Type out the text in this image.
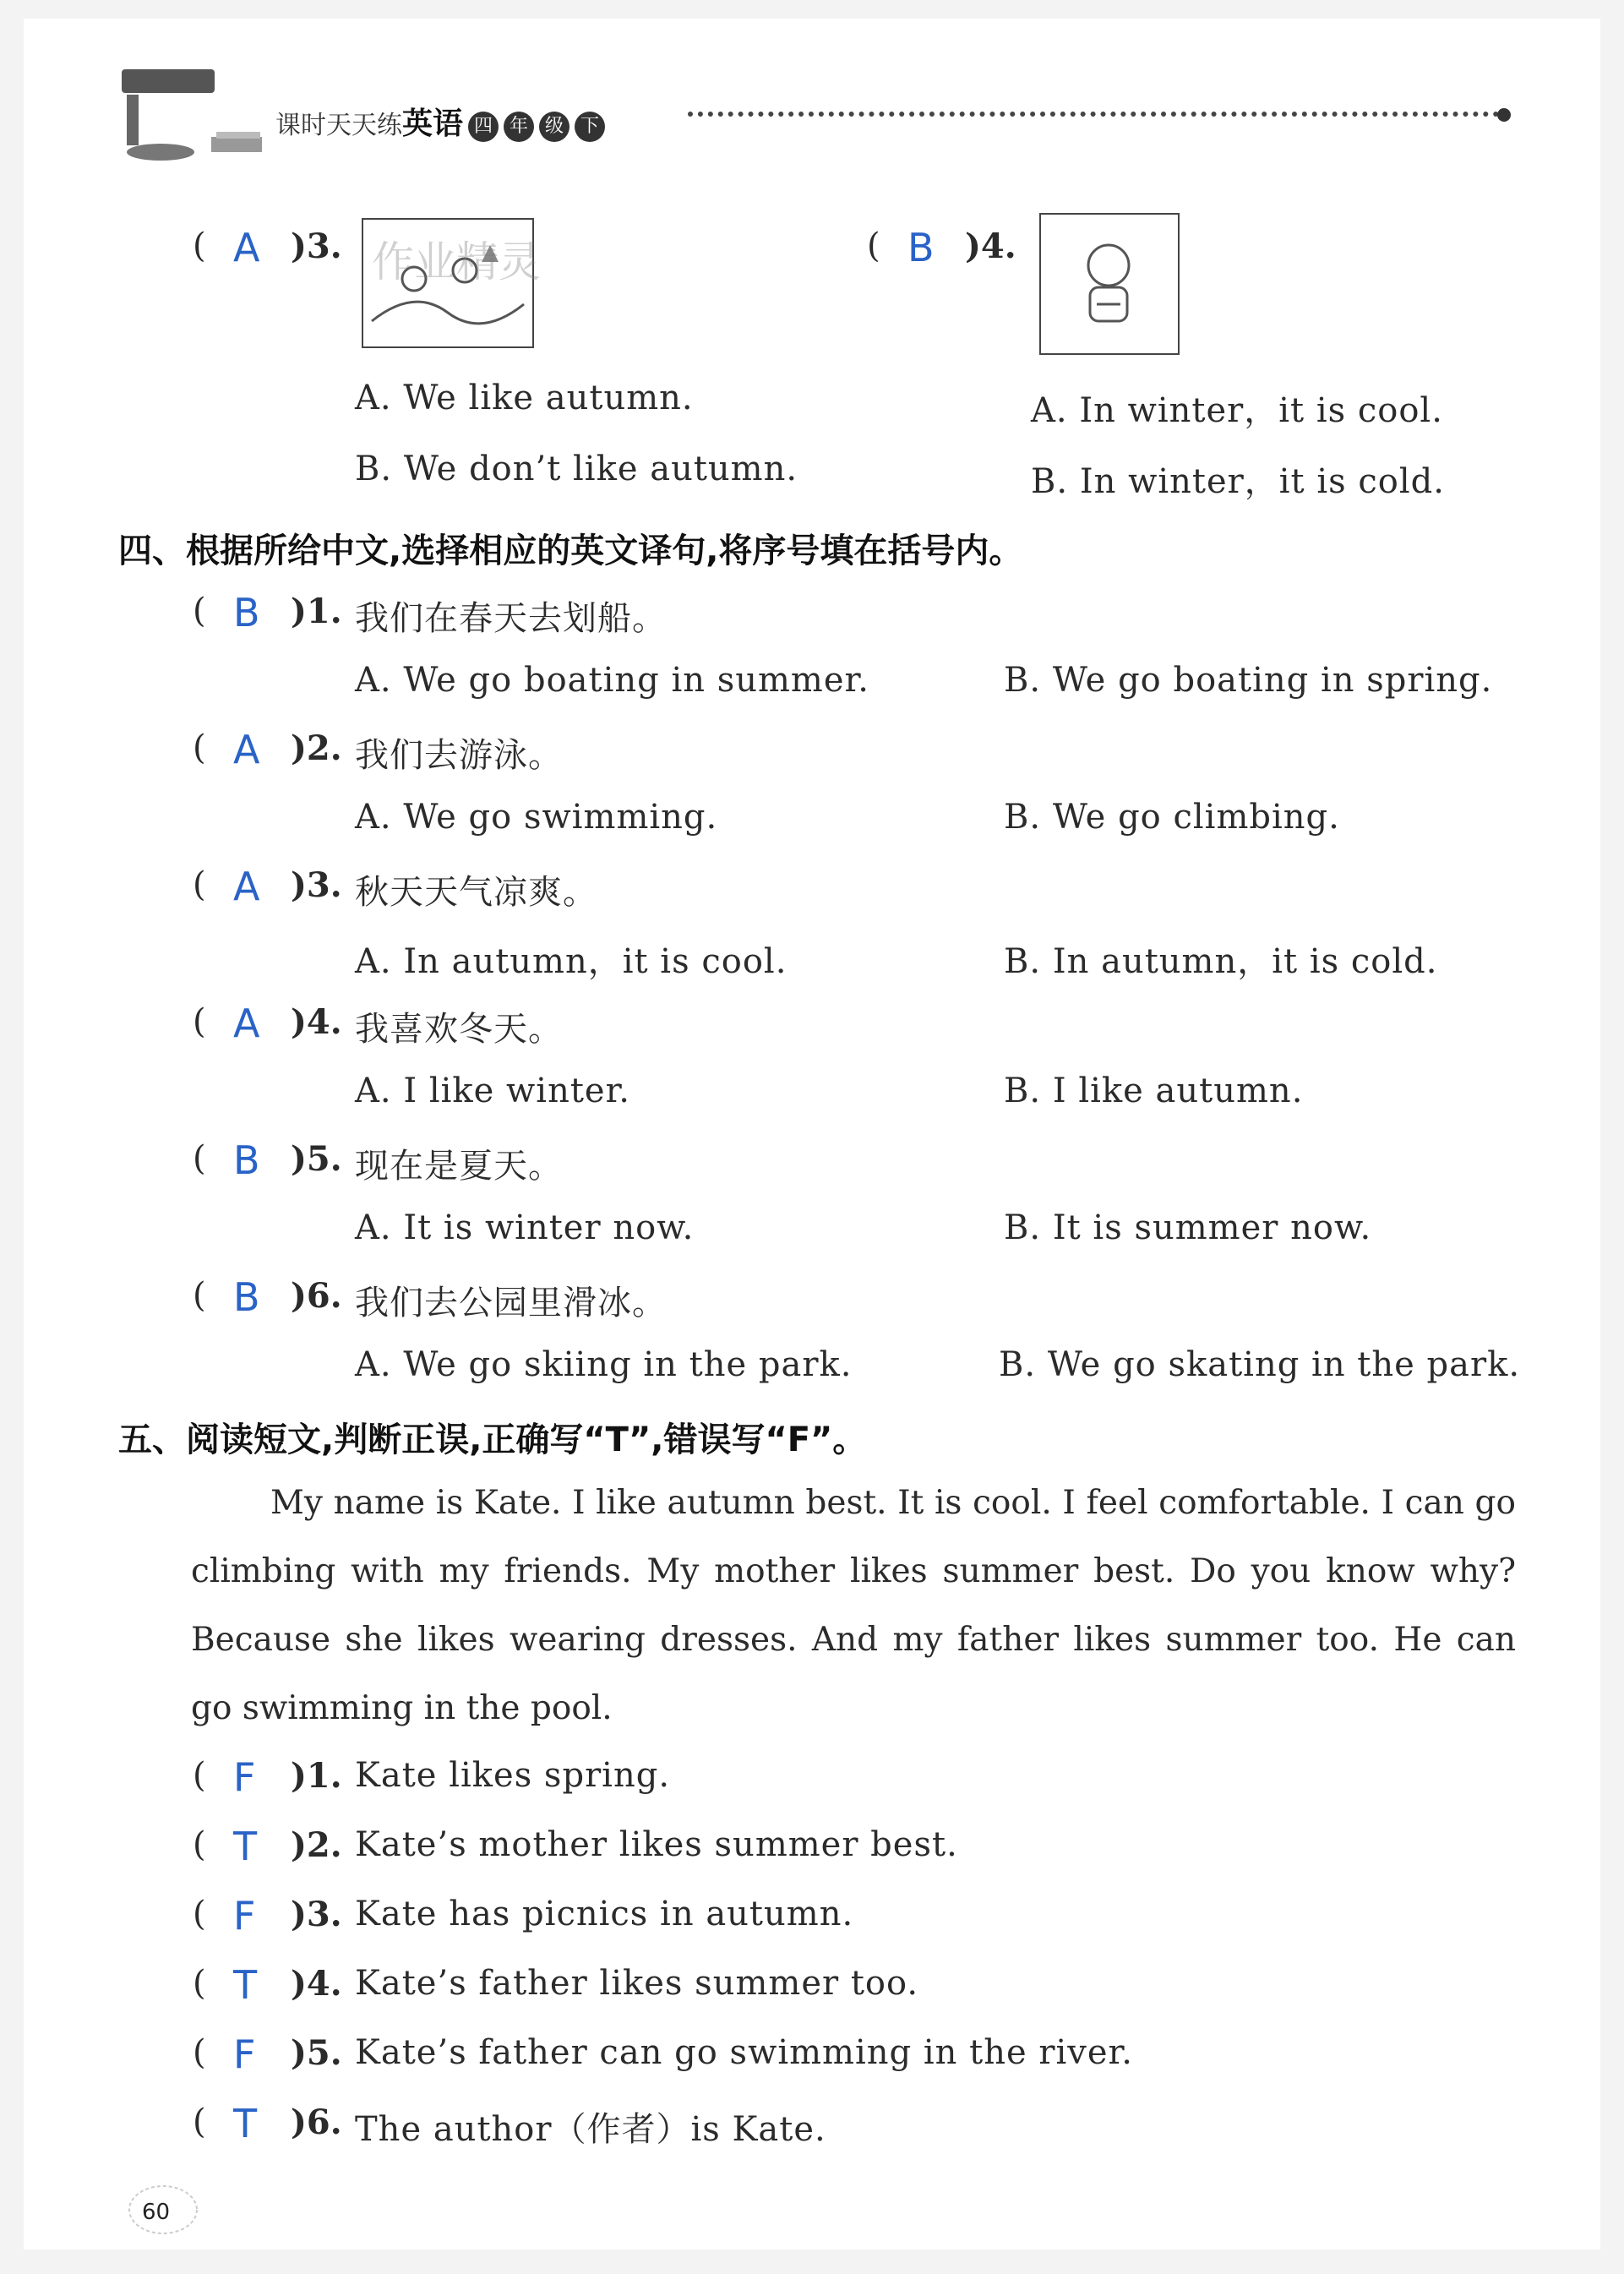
课时天天练英语 四 年 级 下
( A )3. 作业精灵	( B )4.
A. We like autumn.
B. We don’t like autumn.
A. In winter，it is cool.
B. In winter，it is cold.
四、根据所给中文,选择相应的英文译句,将序号填在括号内。
( B )1. 我们在春天去划船。
A. We go boating in summer.	B. We go boating in spring.
( A )2. 我们去游泳。
A. We go swimming.	B. We go climbing.
( A )3. 秋天天气凉爽。
A. In autumn，it is cool.	B. In autumn，it is cold.
( A )4. 我喜欢冬天。
A. I like winter.	B. I like autumn.
( B )5. 现在是夏天。
A. It is winter now.	B. It is summer now.
( B )6. 我们去公园里滑冰。
A. We go skiing in the park.	B. We go skating in the park.
五、阅读短文,判断正误,正确写“T”,错误写“F”。
My name is Kate. I like autumn best. It is cool. I feel comfortable. I can go climbing with my friends. My mother likes summer best. Do you know why? Because she likes wearing dresses. And my father likes summer too. He can go swimming in the pool.
( F )1. Kate likes spring.
( T )2. Kate’s mother likes summer best.
( F )3. Kate has picnics in autumn.
( T )4. Kate’s father likes summer too.
( F )5. Kate’s father can go swimming in the river.
( T )6. The author（作者）is Kate.
60
